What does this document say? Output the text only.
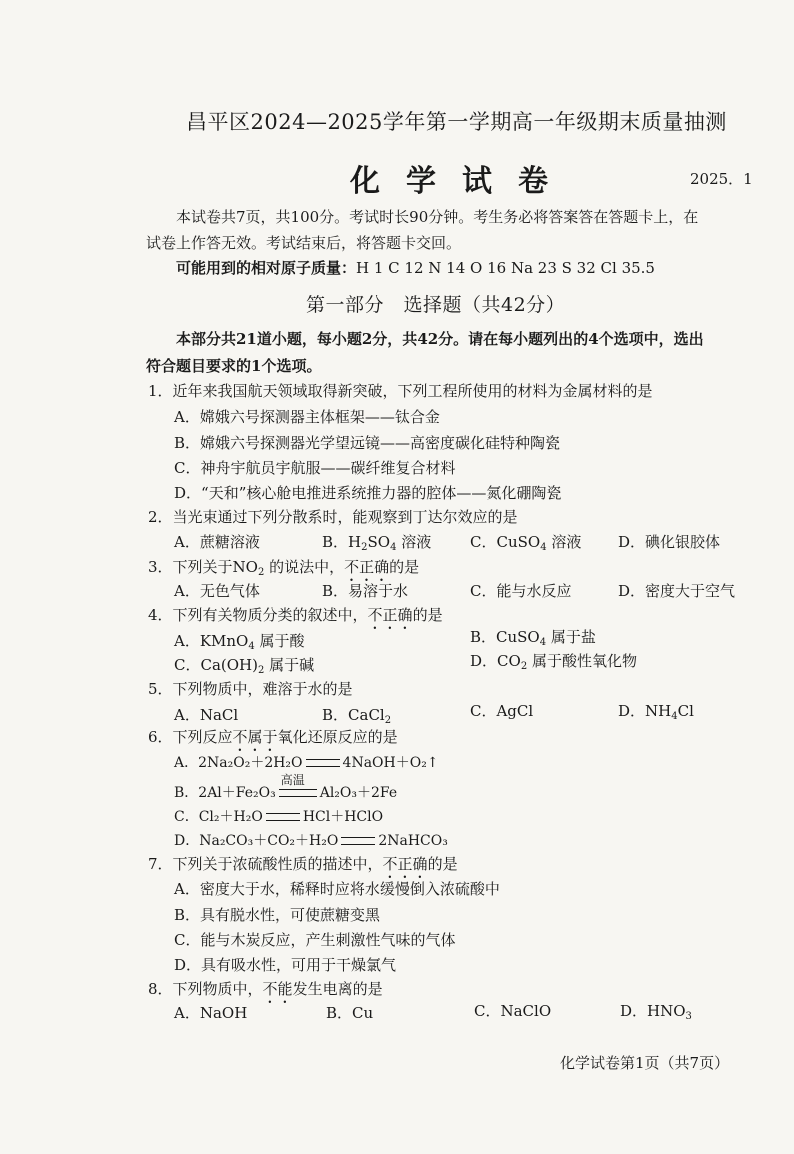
昌平区2024—2025学年第一学期高一年级期末质量抽测
化学试卷	2025．1
本试卷共7页，共100分。考试时长90分钟。考生务必将答案答在答题卡上，在
试卷上作答无效。考试结束后，将答题卡交回。
可能用到的相对原子质量：H 1 C 12 N 14 O 16 Na 23 S 32 Cl 35.5
第一部分　选择题（共42分）
本部分共21道小题，每小题2分，共42分。请在每小题列出的4个选项中，选出
符合题目要求的1个选项。
1．近年来我国航天领域取得新突破，下列工程所使用的材料为金属材料的是
A．嫦娥六号探测器主体框架——钛合金
B．嫦娥六号探测器光学望远镜——高密度碳化硅特种陶瓷
C．神舟宇航员宇航服——碳纤维复合材料
D．“天和”核心舱电推进系统推力器的腔体——氮化硼陶瓷
2．当光束通过下列分散系时，能观察到丁达尔效应的是
A．蔗糖溶液	B．$H_2SO_4$ 溶液	C．CuSO$_4$ 溶液 D．碘化银胶体
3．下列关于$NO_2$ 的说法中，不正确的是
A．无色气体	B．易溶于水	C．能与水反应	D．密度大于空气
4．下列有关物质分类的叙述中，不正确的是
A．KMnO$_4$ 属于酸	B．CuSO$_4$ 属于盐
C．$Ca(OH)_2$ 属于碱	D．$CO_2$ 属于酸性氧化物
5．下列物质中，难溶于水的是
A．NaCl	B．CaCl$_2$
C．AgCl	D．$NH_4Cl$
6．下列反应不属于氧化还原反应的是
A．2Na₂O₂＋2H₂O	4NaOH＋O₂↑
B．2Al＋Fe₂O₃
高温
Al₂O₃＋2Fe
C．Cl₂＋H₂O	HCl＋HClO
D．Na₂CO₃＋CO₂＋H₂O	2NaHCO₃
7．下列关于浓硫酸性质的描述中，不正确的是
A．密度大于水，稀释时应将水缓慢倒入浓硫酸中
B．具有脱水性，可使蔗糖变黑
C．能与木炭反应，产生刺激性气味的气体
D．具有吸水性，可用于干燥氯气
8．下列物质中，不能发生电离的是
A．NaOH	B．Cu	C．NaClO	D．$HNO_3$
化学试卷第1页（共7页）
